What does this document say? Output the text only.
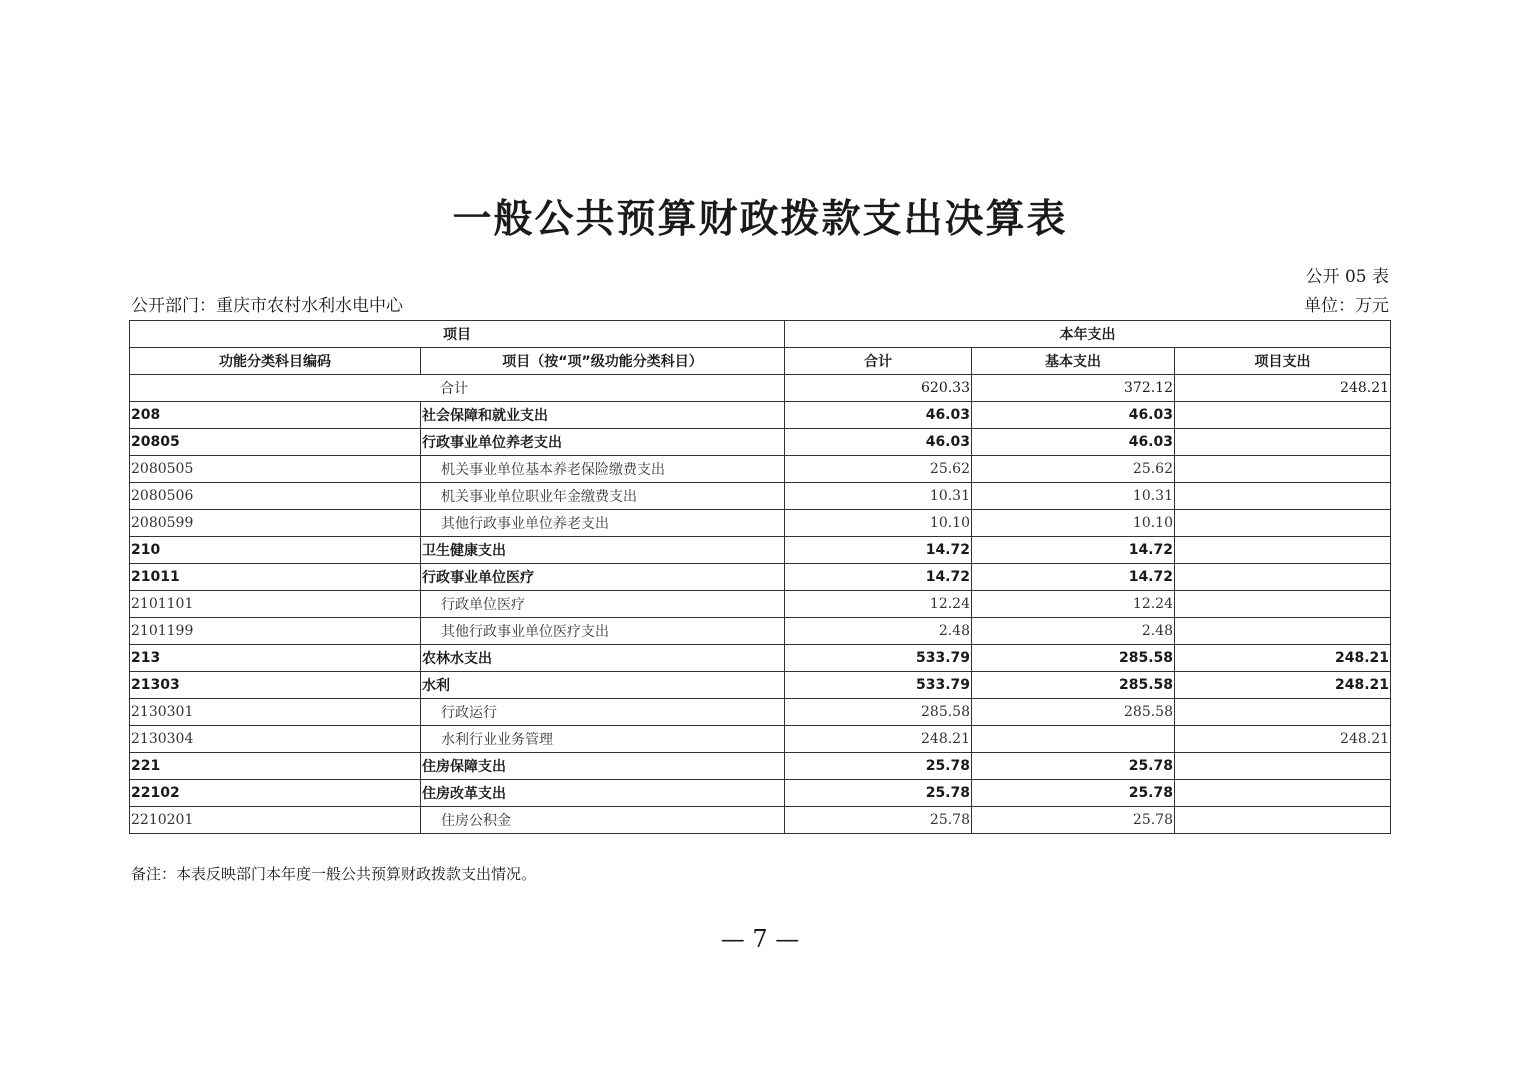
一般公共预算财政拨款支出决算表
公开 05 表
公开部门：重庆市农村水利水电中心	单位：万元
项目		本年支出		
功能分类科目编码	项目（按“项”级功能分类科目）	合计	基本支出	项目支出
合计		620.33	372.12	248.21
208	社会保障和就业支出	46.03	46.03	
20805	行政事业单位养老支出	46.03	46.03	
2080505	机关事业单位基本养老保险缴费支出	25.62	25.62	
2080506	机关事业单位职业年金缴费支出	10.31	10.31	
2080599	其他行政事业单位养老支出	10.10	10.10	
210	卫生健康支出	14.72	14.72	
21011	行政事业单位医疗	14.72	14.72	
2101101	行政单位医疗	12.24	12.24	
2101199	其他行政事业单位医疗支出	2.48	2.48	
213	农林水支出	533.79	285.58	248.21
21303	水利	533.79	285.58	248.21
2130301	行政运行	285.58	285.58	
2130304	水利行业业务管理	248.21		248.21
221	住房保障支出	25.78	25.78	
22102	住房改革支出	25.78	25.78	
2210201	住房公积金	25.78	25.78	
备注：本表反映部门本年度一般公共预算财政拨款支出情况。
— 7 —
